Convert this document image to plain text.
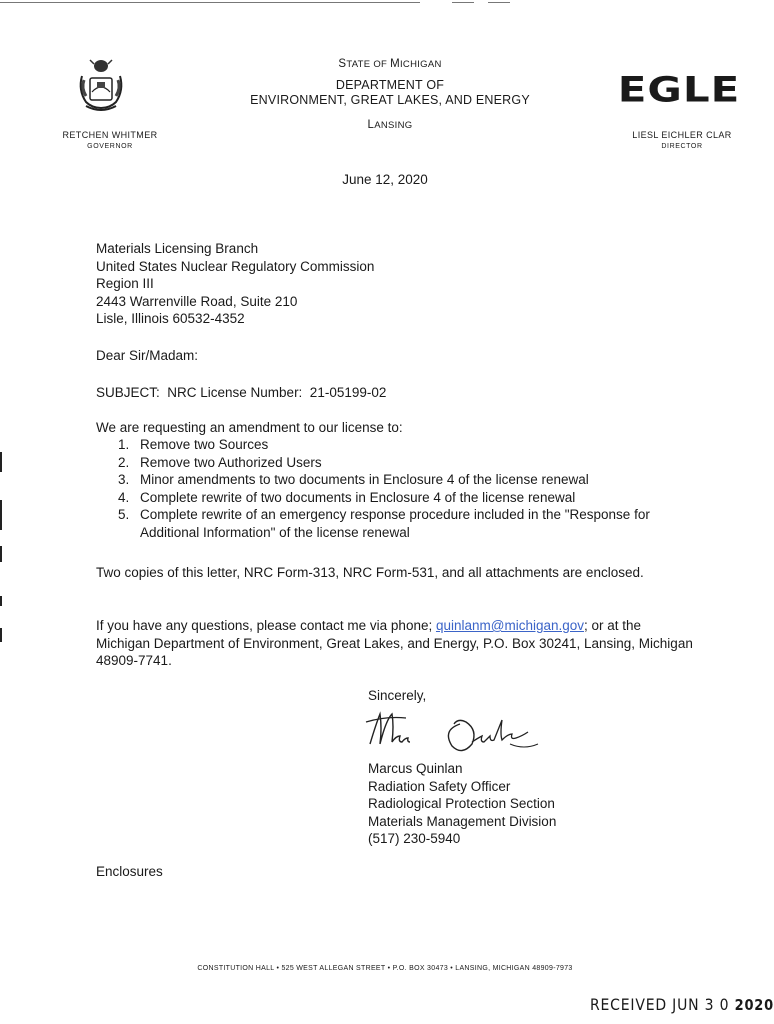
STATE OF MICHIGAN
DEPARTMENT OF
ENVIRONMENT, GREAT LAKES, AND ENERGY
LANSING
EGLE
RETCHEN WHITMER
GOVERNOR
LIESL EICHLER CLAR
DIRECTOR
June 12, 2020
Materials Licensing Branch
United States Nuclear Regulatory Commission
Region III
2443 Warrenville Road, Suite 210
Lisle, Illinois 60532-4352
Dear Sir/Madam:
SUBJECT:  NRC License Number:  21-05199-02
We are requesting an amendment to our license to:
1. Remove two Sources
2. Remove two Authorized Users
3. Minor amendments to two documents in Enclosure 4 of the license renewal
4. Complete rewrite of two documents in Enclosure 4 of the license renewal
5. Complete rewrite of an emergency response procedure included in the "Response for Additional Information" of the license renewal
Two copies of this letter, NRC Form-313, NRC Form-531, and all attachments are enclosed.
If you have any questions, please contact me via phone; quinlanm@michigan.gov; or at the Michigan Department of Environment, Great Lakes, and Energy, P.O. Box 30241, Lansing, Michigan 48909-7741.
Sincerely,
Marcus Quinlan
Radiation Safety Officer
Radiological Protection Section
Materials Management Division
(517) 230-5940
Enclosures
CONSTITUTION HALL • 525 WEST ALLEGAN STREET • P.O. BOX 30473 • LANSING, MICHIGAN 48909-7973
RECEIVED JUN 3 0 2020
